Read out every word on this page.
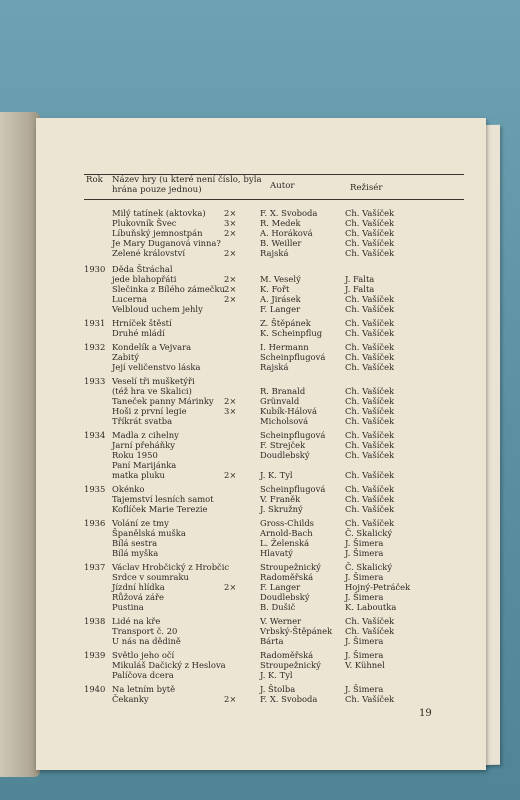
Rok Název hry (u které není číslo, byla hrána pouze jednou)	Autor	Režisér
Milý tatínek (aktovka) 2×	F. X. Svoboda	Ch. Vašíček
Plukovník Švec	3×	R. Medek	Ch. Vašíček
Líbuňský jemnostpán	2×	A. Horáková	Ch. Vašíček
Je Mary Duganová vinna?	B. Weiller	Ch. Vašíček
Zelené království	2×	Rajská	Ch. Vašíček
1930 Děda Štráchal
jede blahopřáti	2×	M. Veselý	J. Falta
Slečinka z Bílého zámečku 2×	K. Fořt	J. Falta
Lucerna	2×	A. Jirásek	Ch. Vašíček
Velbloud uchem jehly	F. Langer	Ch. Vašíček
1931 Hrníček štěstí	Z. Štěpánek	Ch. Vašíček
Druhé mládí	K. Scheinpflug	Ch. Vašíček
1932 Kondelík a Vejvara	I. Hermann	Ch. Vašíček
Zabitý	Scheinpflugová Ch. Vašíček
Její veličenstvo láska	Rajská	Ch. Vašíček
1933 Veselí tři mušketýři
(též hra ve Skalici)	R. Branald	Ch. Vašíček
Taneček panny Márinky 2×	Grünvald	Ch. Vašíček
Hoši z první legie	3×	Kubík-Hálová	Ch. Vašíček
Tříkrát svatba	Micholsová	Ch. Vašíček
1934 Madla z cihelny	Scheinpflugová Ch. Vašíček
Jarní přeháňky	F. Strejček	Ch. Vašíček
Roku 1950	Doudlebský	Ch. Vašíček
Paní Marijánka
matka pluku	2×	J. K. Tyl	Ch. Vašíček
1935 Okénko	Scheinpflugová Ch. Vašíček
Tajemství lesních samot	V. Franěk	Ch. Vašíček
Koflíček Marie Terezie	J. Skružný	Ch. Vašíček
1936 Volání ze tmy	Gross-Childs	Ch. Vašíček
Španělská muška	Arnold-Bach	Č. Skalický
Bílá sestra	L. Želenská	J. Šimera
Bílá myška	Hlavatý	J. Šimera
1937 Václav Hrobčický z Hrobčic	Stroupežnický	Č. Skalický
Srdce v soumraku	Radoměřská	J. Šimera
Jízdní hlídka	2×	F. Langer	Hojný-Petráček
Růžová záře	Doudlebský	J. Šimera
Pustina	B. Dušič	K. Laboutka
1938 Lidé na kře	V. Werner	Ch. Vašíček
Transport č. 20	Vrbský-Štěpánek Ch. Vašíček
U nás na dědině	Bárta	J. Šimera
1939 Světlo jeho očí	Radoměřská	J. Šimera
Mikuláš Dačický z Heslova	Stroupežnický	V. Kühnel
Palíčova dcera	J. K. Tyl
1940 Na letním bytě	J. Štolba	J. Šimera
Čekanky	2×	F. X. Svoboda	Ch. Vašíček
19
